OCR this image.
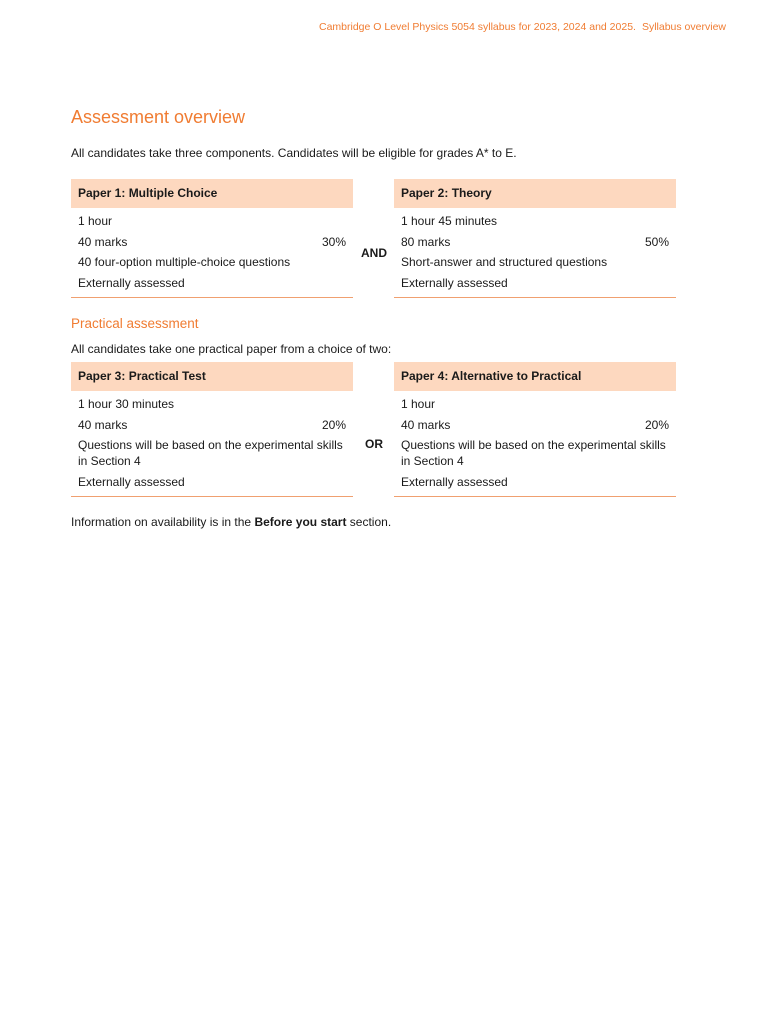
Cambridge O Level Physics 5054 syllabus for 2023, 2024 and 2025. Syllabus overview
Assessment overview

All candidates take three components. Candidates will be eligible for grades A* to E.

Paper 1: Multiple Choice
1 hour
40 marks	30%
40 four-option multiple-choice questions
Externally assessed
AND
Paper 2: Theory
1 hour 45 minutes
80 marks	50%
Short-answer and structured questions
Externally assessed
Practical assessment

All candidates take one practical paper from a choice of two:

Paper 3: Practical Test
1 hour 30 minutes
40 marks	20%
Questions will be based on the experimental skills in Section 4
Externally assessed
OR
Paper 4: Alternative to Practical
1 hour
40 marks	20%
Questions will be based on the experimental skills in Section 4
Externally assessed

Information on availability is in the Before you start section.
